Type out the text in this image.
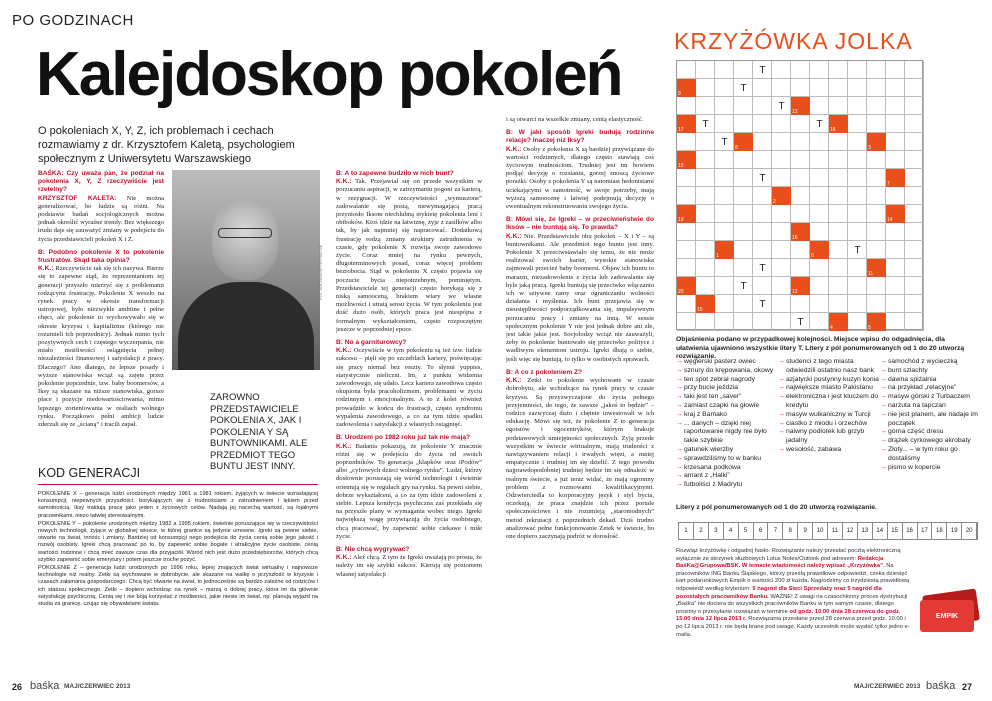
PO GODZINACH
Kalejdoskop pokoleń
O pokoleniach X, Y, Z, ich problemach i cechach rozmawiamy z dr. Krzysztofem Kaletą, psychologiem społecznym z Uniwersytetu Warszawskiego
FOT. ARCHIWUM PRYWATNE
BAŚKA: Czy uważa pan, że podział na pokolenia X, Y, Z rzeczywiście jest rzetelny?

KRZYSZTOF KALETA: Nie można generalizować, bo ludzie są różni. Na podstawie badań socjologicznych można jednak określić wyraźne trendy. Bez większego trudu daje się zauważyć zmiany w podejściu do życia przedstawicieli pokoleń X i Z.

B: Podobno pokolenie X to pokolenie frustratów. Skąd taka opinia?

K.K.: Rzeczywiście tak się ich nazywa. Bierze się to zapewne stąd, że reprezentantom tej generacji przyszło mierzyć się z problemami rodzącymi frustrację. Pokolenie X weszło na rynek pracy w okresie transformacji ustrojowej, było niezwykle ambitne i pełne chęci, ale pokolenie to wychowywało się w okresie kryzysu i kapitalizmu (którego nie rozumieli ich poprzednicy). Jednak mimo tych pozytywnych cech i częstego wyczerpania, nie miało możliwości osiągnięcia pełnej niezależności finansowej i satysfakcji z pracy. Dlaczego? Ano dlatego, że lepsze posady i wyższe stanowiska wciąż są zajęte przez pokolenie poprzednie, tzw. baby boomersów, a Iksy są skazane na niższe stanowiska, gorsze płace i pozycje niedowartościowania, mimo lepszego zorientowania w realiach wolnego rynku. Początkowo pełni ambicji ludzie zderzali się ze „ścianą” i tracili zapał.

ZAROWNO PRZEDSTAWICIELE POKOLENIA X, JAK I POKOLENIA Y SĄ BUNTOWNIKAMI. ALE PRZEDMIOT TEGO BUNTU JEST INNY.
B: A to zapewne budziło w nich bunt?

K.K.: Tak. Przejawiał się on przede wszystkim w porzucaniu aspiracji, w zatrzymaniu pogoni za karierą, w rezygnacji. W rzeczywistości „wymuszone” zadowalanie się postą, niewymagającą pracą przyniosło Iksom niechlubną etykietę pokolenia leni i obiboków. Ktoś idzie na łatwiznę, żyje z zasiłków albo tak, by jak najmniej się napracować. Dodatkową frustrację rodzą zmiany struktury zatrudnienia w czasie, gdy pokolenie X rozwija swoje zawodowe życie. Coraz mniej na rynku pewnych, długoterminowych posad, coraz więcej problem bezrobocia. Stąd w pokoleniu X często pojawia się poczucie bycia niepotrzebnym, pominiętym. Przedstawiciele tej generacji często borykają się z niską samooceną, brakiem wiary we własne możliwości i utratą sensu życia. W tym pokoleniu jest dość dużo osób, których praca jest niespójna z formalnym wykształceniem, często rozpoczętym jeszcze w poprzedniej epoce.

B: No a garniturowcy?

K.K.: Oczywiście w tym pokoleniu są też tzw. ludzie sukcesu – pięli się po szczeblach kariery, poświęcając się pracy niemal bez reszty. To słynni yuppies, statystycznie nieliczni. Im, z punktu widzenia zawodowego, się udało. Lecz kariera zawodowa często okupiona była pracoholizmem, problemami w życiu rodzinnym i emocjonalnym. A to z kolei również prowadziło w końcu do frustracji, często syndromu wypalenia zawodowego, a co za tym idzie spadku zadowolenia i satysfakcji z własnych osiągnięć.

B: Urodzeni po 1982 roku już tak nie mają?

K.K.: Badania pokazują, że pokolenie Y znacznie różni się w podejściu do życia od swoich poprzedników. To generacja „klapków oraz iPodów” albo „cyfrowych dzieci wolnego rynku”. Ludzi, którzy dosłownie poruszają się wśród technologii i świetnie orientują się w regułach gry na rynku. Są pewni siebie, dobrze wykształceni, a co za tym idzie zadowoleni z siebie. Lepsza kondycja psychiczna zaś przekłada się na przyszłe plany w wymagania wobec niego. Igreki największą wagę przywiązują do życia osobistego, chcą pracować, by zapewnić sobie ciekawe i miłe życie.

B: Nie chcą wygrywać?

K.K.: Ależ chcą. Z tym że Igreki uważają po prostu, że należy im się szybki sukces. Kierują się poziomem własnej satysfakcji

KOD GENERACJI

POKOLENIE X – generacja ludzi urodzonych między 1961 a 1981 rokiem, żyjących w świecie wzrastającej konsumpcji, niepewnych przyszłości, borykających się z trudnościami z zatrudnieniem i lękiem przed samotnością. Iksy traktują pracę jako jeden z życiowych celów. Nadają jej nacechą wartość, są lojalnymi pracownikami, niezo tatwiej stereowalnymi.

POKOLENIE Y – pokolenie urodzonych między 1982 a 1995 rokiem, świetnie poruszające się w rzeczywistości nowych technologii, żyjące w globalnej wiosce, w której granice są jedynie umowne. Igreki są pewne siebie, otwarte na świat, innośc i zmiany. Bardziej od konsumpcji nego podejścia do życia cenią sobie jego jakość i rozwój osobisty. Igreki chcą pracować po to, by zapewnić sobie bogate i atrakcyjne życie osobiste, cenią wartości rodzinne i chcą mieć zawsze czas dla przyjaciół. Wśród nich jest dużo przedsiębiorców, których chcą szybko zapewnić sobie emerytury i potem jeszcze troche pożyć.

POKOLENIE Z – generacja ludzi urodzonych po 1996 roku, lepiej znających świat wirtualny i najnowsze technologie niż realny. Zetki są wychowane w dobrobycie, ale skazane na walkę o przyszłość w kryzysie i czasach załamania gospodarczego. Chcą być otwarte na świat, to jednocześnie są bardzo zależne od rodziców i ich statusu społecznego. Zetki – dopiero wchodząc na rynek – marzą o dobrej pracy, która im da głównie satysfakcję psychiczną. Cenią się i nie boją korzystać z możliwości, jakie niesie im świat, np. planują wyjazd na studia za granicę, czując się obywatelami świata.

26 baśka MAJ/CZERWIEC 2013

i są otwarci na wszelkie zmiany, cenią elastyczność.

B: W jaki sposób Igreki budują rodzinne relacje? Inaczej niż Iksy?

K.K.: Osoby z pokolenia X są bardziej przywiązane do wartości rodzinnych, dlatego często stawiają coś życiowym trudnościom. Trudniej jest im bowiem podjąć decyzję o rozstaniu, gorzej znoszą życiowe porażki. Osoby z pokolenia Y są natomiast hedonistami uciekającymi w samotność, w swoje potrzeby, mają wyższą samoocenę i łatwiej podejmują decyzję o ewentualnym rekonstruowaniu swojego życia.

B: Mówi się, że Igreki – w przeciwieństwie do Iksów – nie buntują się. To prawda?

K.K.: Nie. Przedstawiciele obu pokoleń – X i Y – są buntownikami. Ale przedmiot tego buntu jest inny. Pokolenie X przeciwstawiało się temu, że nie może realizować swoich karier, wysokie stanowiska zajmowali przecież baby boomersi. Objaw ich buntu to marazm, niezadowolenie z życia lub zadowalanie się byle jaką pracą. Igreki buntują się przeciwko włączaniu ich w sztywne ramy oraz ograniczaniu wolności działania i myślenia. Ich bunt przejawia się w nieustępliwości podporządkowania się, impulsywnym porzucaniu pracy i zmiany na inną. W sensie społecznym pokolenie Y nie jest jednak dobre ani złe, jest takie jakie jest. Socjolodzy wciąż nie zauważyli, żeby to pokolenie buntowało się przeciwko polityce i wadliwym elementom ustroju. Igreki dbają o siebie, jeśli więc się buntują, to tylko w osobistych sprawach.

B: A co z pokoleniem Z?

K.K.: Zetki to pokolenie wychowane w czasie dobrobytu, ale wchodzące na rynek pracy w czasie kryzysu. Są przyzwyczajone do życia pełnego przyjemności, do tego, że zawsze „jakoś to będzie” – rodzice zazwyczaj dużo i chętnie inwestowali w ich edukację. Mówi się też, że pokolenie Z to generacja egoistów i egocentryków, którym brakuje podstawowych umiejętności społecznych. Zyją przede wszystkim w świecie wirtualnym, mają trudności z nawiązywaniem relacji i trwałych więzi, a mniej empatycznie i trudniej im się dzielić. Z tego powodu najprawdopodobniej trudniej będzie im się odnaleźć w realnym świecie, a już teraz widać, że mają ogromny problem z rozmowami kwalifikacyjnymi. Odzwierciedla to korporacyjny język i styl bycia, oczekują, że praca znajdzie ich przez portale społecznościowe i nie rozumieją „staromodnych” metod rekrutacji z poprzednich dekad. Dziś trudno analizować pełne funkcjonowanie Zetek w świecie, bo one dopiero zaczynają podróż w dorosłość.

KRZYŻÓWKA JOLKA
9
13
17	18
8	3
10
7
2
19	14
16
1	6
11
20	12
15
4	5
T
T
T
T	T
T
T
T
T
T
T
T
Objaśnienia podano w przypadkowej kolejności. Miejsce wpisu do odgadnięcia, dla ułatwienia ujawniono wszystkie litery T. Litery z pól ponumerowanych od 1 do 20 utworzą rozwiązanie.
→ węgierski pasterz owiec
→ sznury do krępowania, okowy
→ ten spot zebrał nagrody
→ przy bucie jeździa
→ taki jest ten „saver”
→ zamiast czapki na głowie
→ kraj z Bamako
→ ... danych – dzięki niej raportowanie nigdy nie było takie szybkie
→ gatunek wierzby
→ sprawdziliśmy to w banku
→ krzesana podkowa
→ amant z „Halki”
→ futboliści z Madrytu
→ studenci z tego miasta odwiedzili ostatnio nasz bank
→ azjatycki pustynny kuzyn konia
→ największe miasto Pakistanu
→ elektroniczna i jest kluczem do kredytu
→ masyw wulkaniczny w Turcji
→ ciastko z miodu i orzechów
→ naiwny podlotek lub grzyb jadalny
→ wesołość, zabawa
→ samochód z wycieczką
→ bunt szlachty
→ dawna spiżalnia
→ na przykład „relacyjne”
→ masyw górski z Turbaczem
→ narzuta na tapczan
→ nie jest planem, ale nadaje im początek
→ górna część dresu
→ drążek cyrkowego akrobaty
→ Złoty... – w tym roku go dostaliśmy
→ pismo w kopercie
Litery z pól ponumerowanych od 1 do 20 utworzą rozwiązanie.
1	2	3	4	5	6	7	8	9	10	11	12	13	14	15	16	17	18	19	20
Rozwiąż krzyżówkę i odgadnij hasło. Rozwiązanie należy przesłać pocztą elektroniczną wyłącznie ze skrzynek służbowych Lotus Notes/Outlook pod adresem: Redakcja BaśKa@Grupowa/BSK. W temacie wiadomości należy wpisać „Krzyżówka”. Na pracowników ING Banku Śląskiego, którzy prześlą prawidłowe odpowiedzi, czeka dziesięć kart podarunkowych Empik o wartości 200 zł każda. Nagrodzimy co trzydziestą prawidłową odpowiedź według kryterium: 5 nagród dla Sieci Sprzedaży oraz 5 nagród dla pozostałych pracowników Banku. WAŻNE! Z uwagi na czasochłonny proces dystrybucji „Baśka” nie dociera do wszystkich pracowników Banku w tym samym czasie, dlatego prosimy o przesyłanie rozwiązań w terminie od godz. 10.00 dnia 28 czerwca do godz. 15.00 dnia 12 lipca 2013 r. Rozwiązania przesłane przed 28 czerwca przed godz. 10.00 i po 12 lipca 2013 r. nie będą brane pod uwagę. Każdy uczestnik może wysłać tylko jedno e-maila.
EMPIK
MAJ/CZERWIEC 2013 baśka 27
